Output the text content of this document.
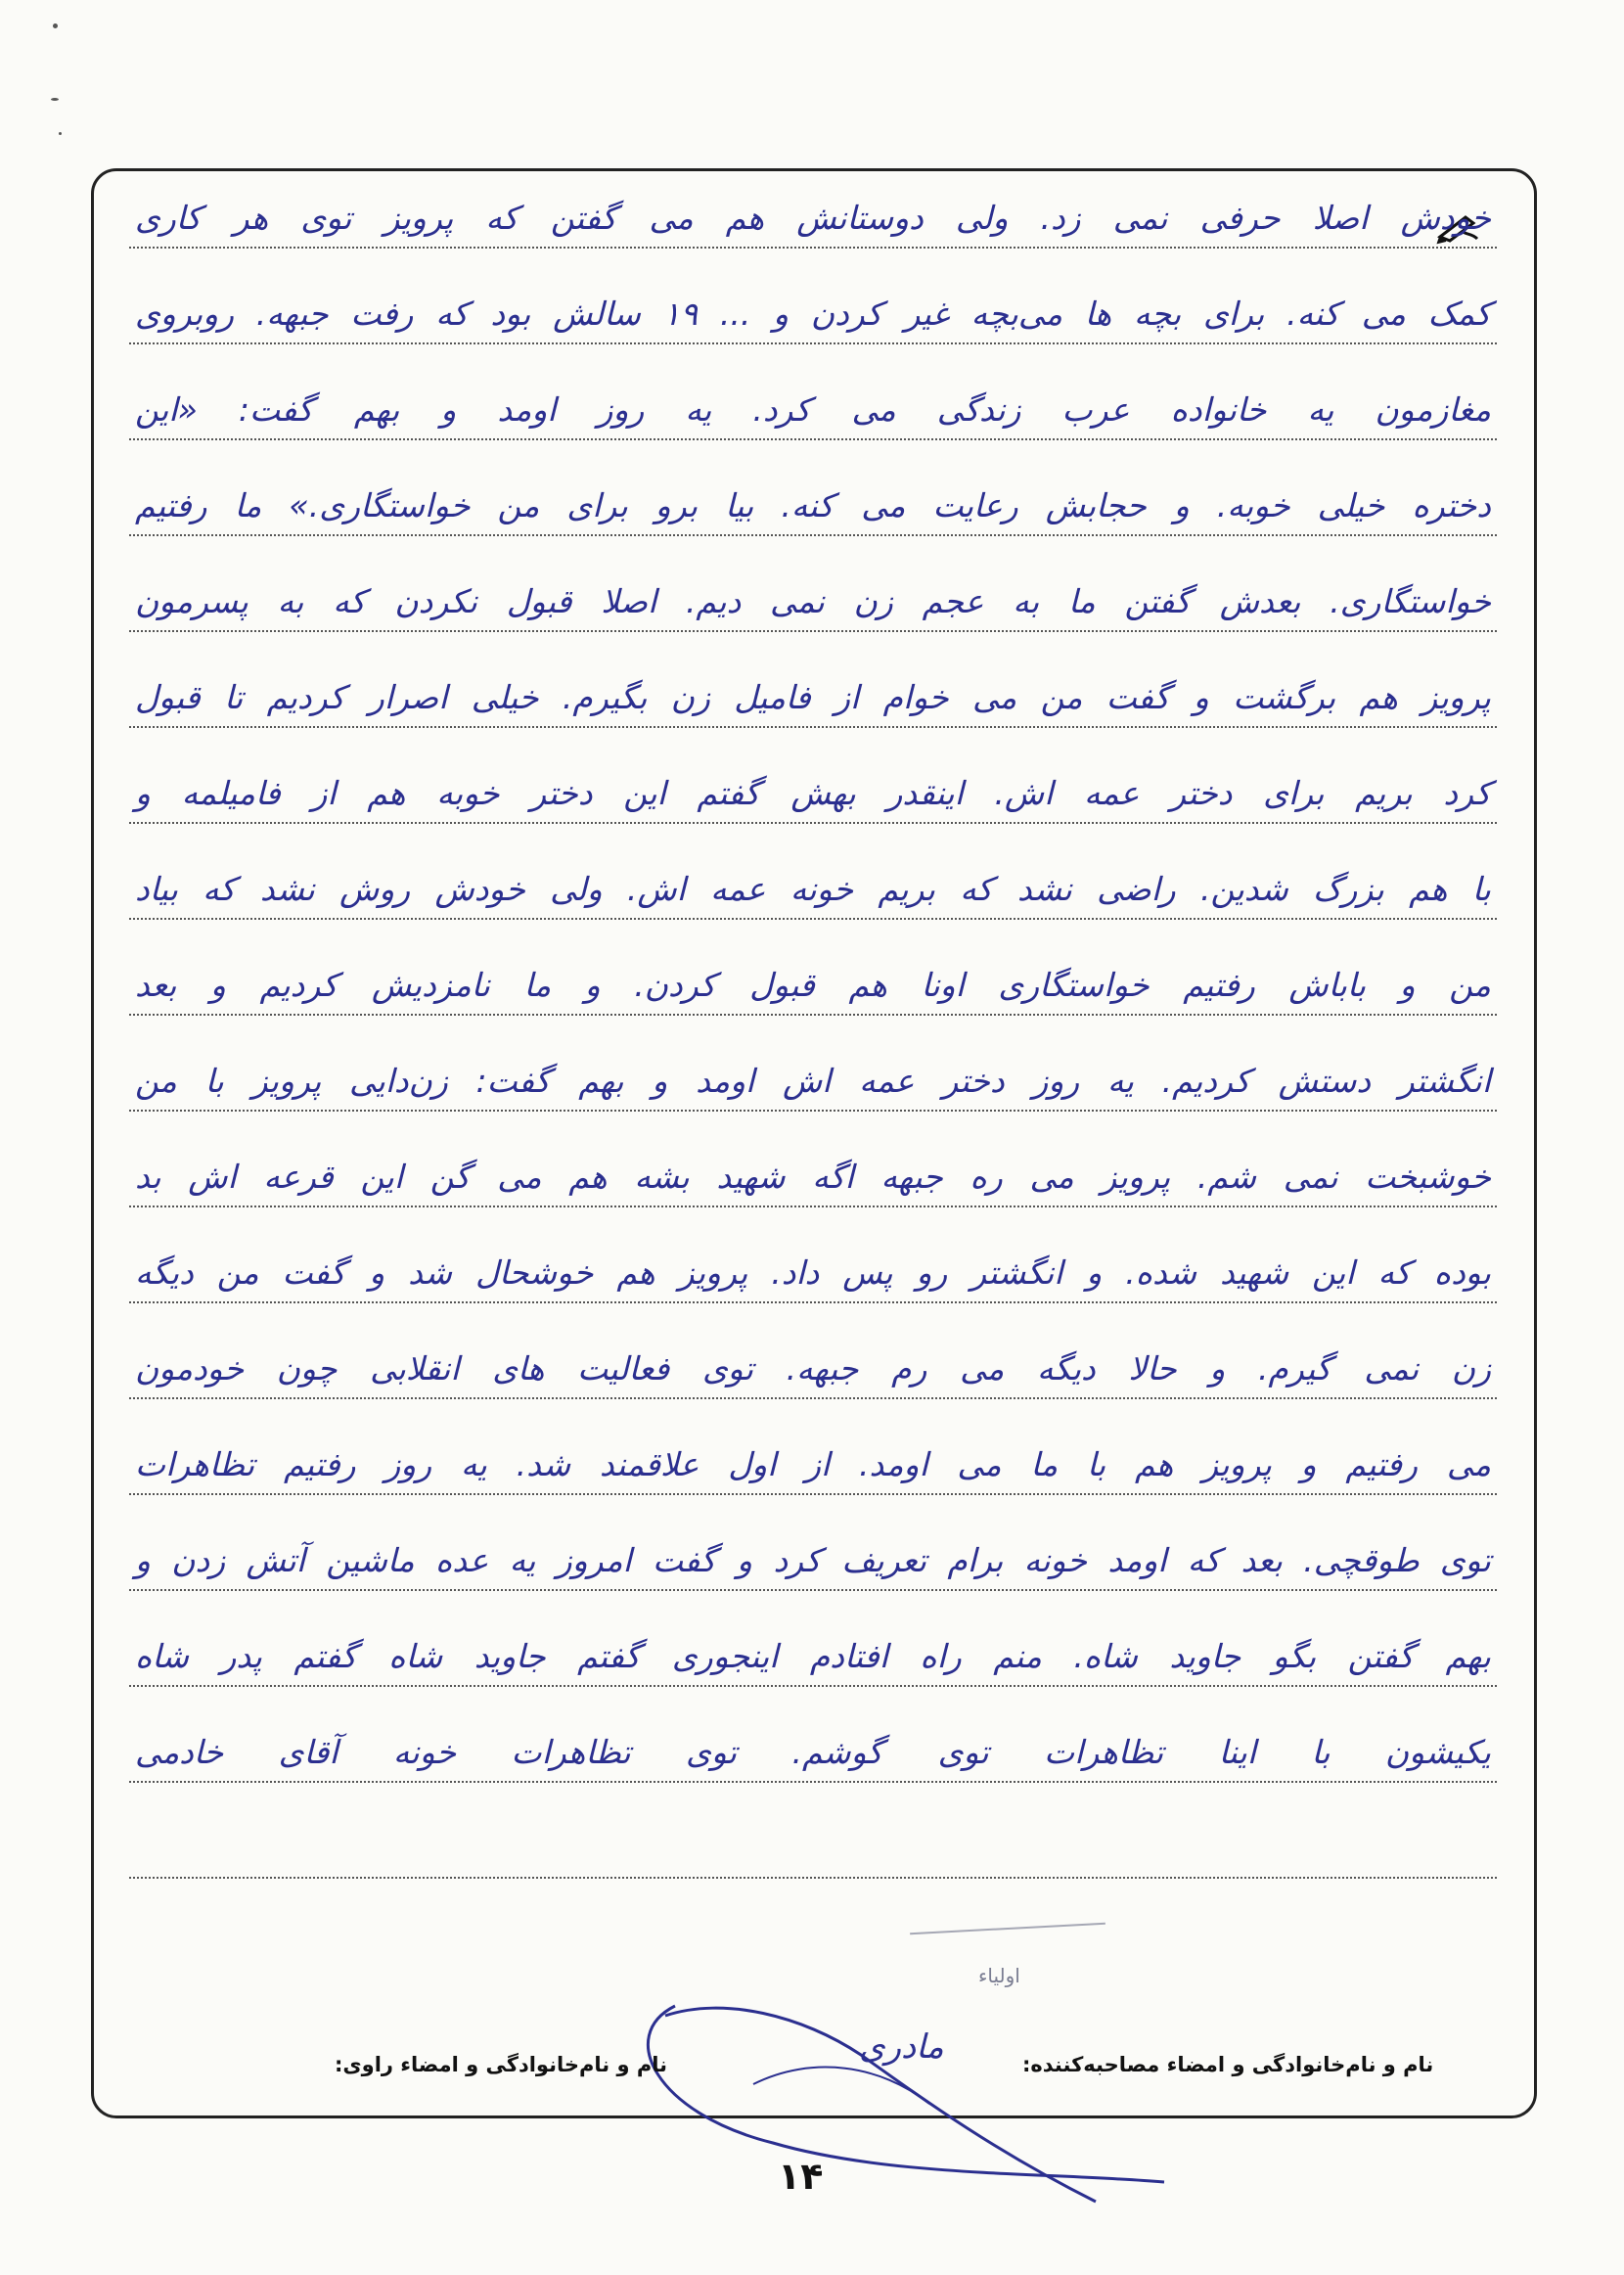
خودش اصلا حرفی نمی زد. ولی دوستانش هم می گفتن که پرویز توی هر کاری
کمک می کنه. برای بچه ها می‌بچه غیر کردن و ... ۱۹ سالش بود که رفت جبهه. روبروی
مغازمون یه خانواده عرب زندگی می کرد. یه روز اومد و بهم گفت: «این
دختره خیلی خوبه. و حجابش رعایت می کنه. بیا برو برای من خواستگاری.» ما رفتیم
خواستگاری. بعدش گفتن ما به عجم زن نمی دیم. اصلا قبول نکردن که به پسرمون
پرویز هم برگشت و گفت من می خوام از فامیل زن بگیرم. خیلی اصرار کردیم تا قبول
کرد بریم برای دختر عمه اش. اینقدر بهش گفتم این دختر خوبه هم از فامیلمه و
با هم بزرگ شدین. راضی نشد که بریم خونه عمه اش. ولی خودش روش نشد که بیاد
من و باباش رفتیم خواستگاری اونا هم قبول کردن. و ما نامزدیش کردیم و بعد
انگشتر دستش کردیم. یه روز دختر عمه اش اومد و بهم گفت: زن‌دایی پرویز با من
خوشبخت نمی شم. پرویز می ره جبهه اگه شهید بشه هم می گن این قرعه اش بد
بوده که این شهید شده. و انگشتر رو پس داد. پرویز هم خوشحال شد و گفت من دیگه
زن نمی گیرم. و حالا دیگه می رم جبهه. توی فعالیت های انقلابی چون خودمون
می رفتیم و پرویز هم با ما می اومد. از اول علاقمند شد. یه روز رفتیم تظاهرات
توی طوقچی. بعد که اومد خونه برام تعریف کرد و گفت امروز یه عده ماشین آتش زدن و
بهم گفتن بگو جاوید شاه. منم راه افتادم اینجوری گفتم جاوید شاه گفتم پدر شاه
یکیشون با اینا تظاهرات توی گوشم. توی تظاهرات خونه آقای خادمی
اولیاء
مادری	نام و نام‌خانوادگی و امضاء مصاحبه‌کننده:
نام و نام‌خانوادگی و امضاء راوی:
۱۴
